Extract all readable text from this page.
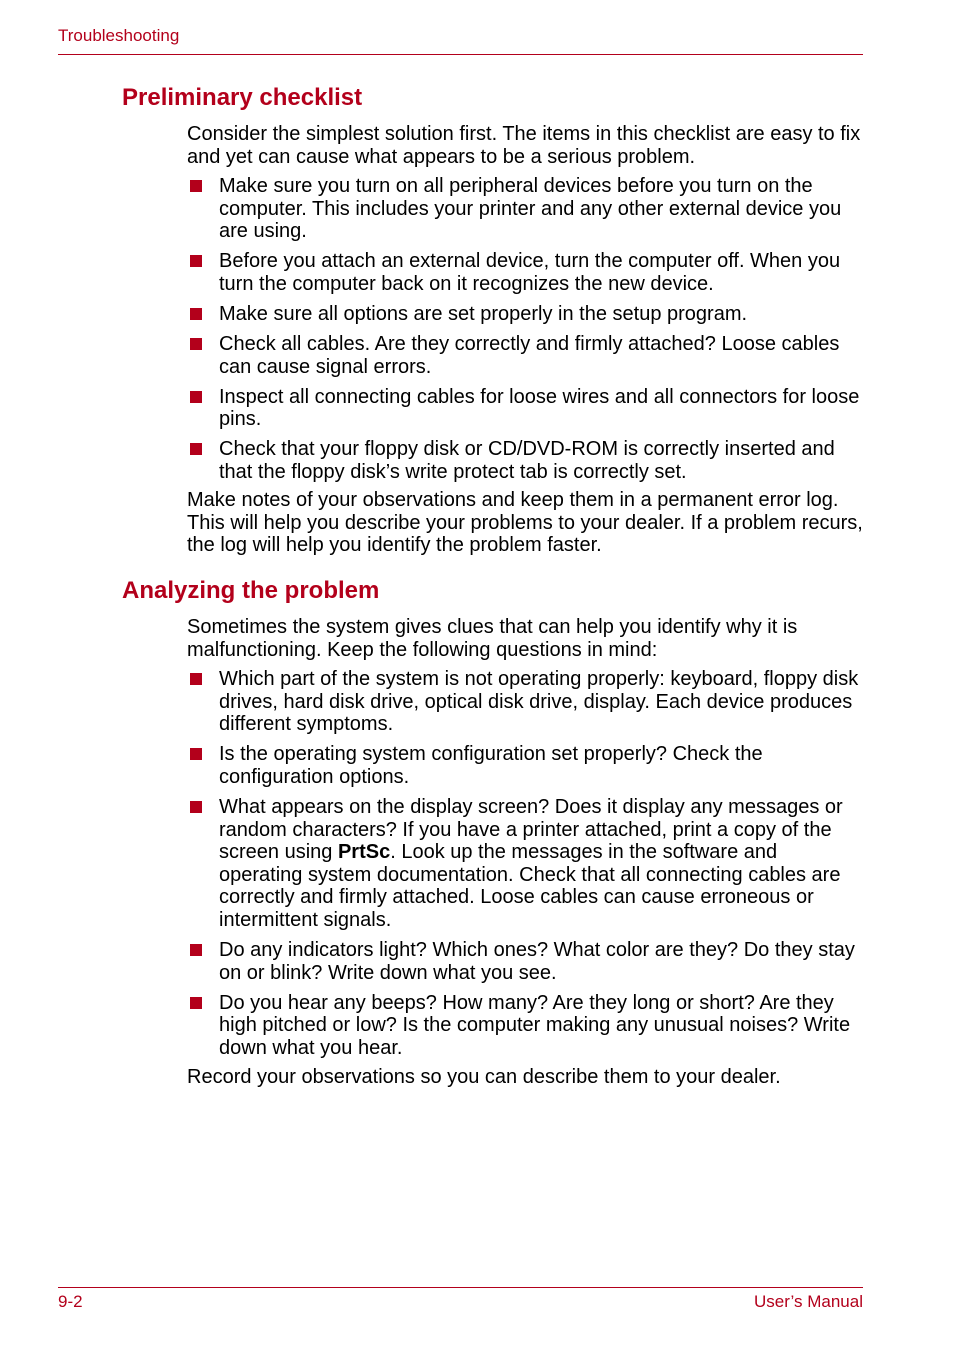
Troubleshooting
Preliminary checklist

Consider the simplest solution first. The items in this checklist are easy to fix and yet can cause what appears to be a serious problem.

Make sure you turn on all peripheral devices before you turn on the computer. This includes your printer and any other external device you are using.
Before you attach an external device, turn the computer off. When you turn the computer back on it recognizes the new device.
Make sure all options are set properly in the setup program.
Check all cables. Are they correctly and firmly attached? Loose cables can cause signal errors.
Inspect all connecting cables for loose wires and all connectors for loose pins.
Check that your floppy disk or CD/DVD-ROM is correctly inserted and that the floppy disk’s write protect tab is correctly set.

Make notes of your observations and keep them in a permanent error log. This will help you describe your problems to your dealer. If a problem recurs, the log will help you identify the problem faster.

Analyzing the problem

Sometimes the system gives clues that can help you identify why it is malfunctioning. Keep the following questions in mind:

Which part of the system is not operating properly: keyboard, floppy disk drives, hard disk drive, optical disk drive, display. Each device produces different symptoms.
Is the operating system configuration set properly? Check the configuration options.
What appears on the display screen? Does it display any messages or random characters? If you have a printer attached, print a copy of the screen using PrtSc. Look up the messages in the software and operating system documentation. Check that all connecting cables are correctly and firmly attached. Loose cables can cause erroneous or intermittent signals.
Do any indicators light? Which ones? What color are they? Do they stay on or blink? Write down what you see.
Do you hear any beeps? How many? Are they long or short? Are they high pitched or low? Is the computer making any unusual noises? Write down what you hear.

Record your observations so you can describe them to your dealer.

9-2	User’s Manual
